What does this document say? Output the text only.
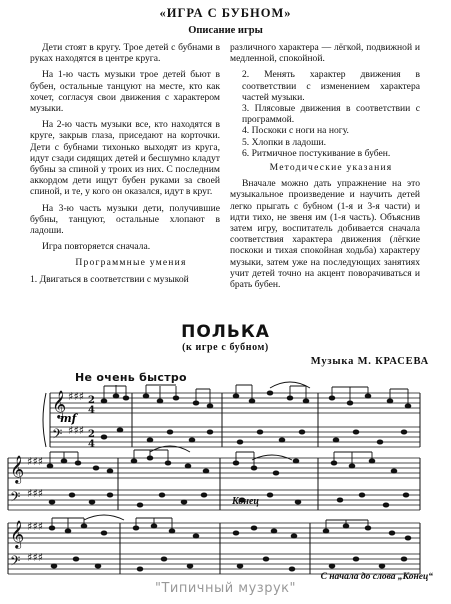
«ИГРА С БУБНОМ»
Описание игры

Дети стоят в кругу. Трое детей с бубнами в руках находятся в центре круга.

На 1-ю часть музыки трое детей бьют в бубен, остальные танцуют на месте, кто как хочет, согласуя свои движения с характером музыки.

На 2-ю часть музыки все, кто находятся в кругe, закрыв глаза, приседают на корточки. Дети с бубнами тихонько выходят из круга, идут сзади сидящих детей и бесшумно кладут бубны за спиной у троих из них. С последним аккордом дети ищут бубен руками за своей спиной, и те, у кого он оказался, идут в круг.

На 3-ю часть музыки дети, получившие бубны, танцуют, остальные хлопают в ладоши.

Игра повторяется сначала.

Программные умения

1. Двигаться в соответствии с музыкой

различного характера — лёгкой, подвижной и медленной, спокойной.

2. Менять характер движения в соответствии с изменением характера частей музыки.
3. Плясовые движения в соответствии с программой.
4. Поскоки с ноги на ногу.
5. Хлопки в ладоши.
6. Ритмичное постукивание в бубен.

Методические указания

Вначале можно дать упражнение на это музыкальное произведение и научить детей легко прыгать с бубном (1-я и 3-я части) и идти тихо, не звеня им (1-я часть). Объяснив затем игру, воспитатель добивается сначала соответствия характера движения (лёгкие поскоки и тихая спокойная ходьба) характеру музыки, затем уже на последующих занятиях учит детей точно на акцент поворачиваться и брать бубен.

ПОЛЬКА
(к игре с бубном)
Музыка М. КРАСЕВА
Не очень быстро
𝄞
𝄢
𝄞
𝄢
𝄞
𝄢
♯♯♯
♯♯♯
♯♯♯
♯♯♯
♯♯♯
♯♯♯
2
4
2
4
mf
Конец
С начала до слова „Конец“
"Типичный музрук"
